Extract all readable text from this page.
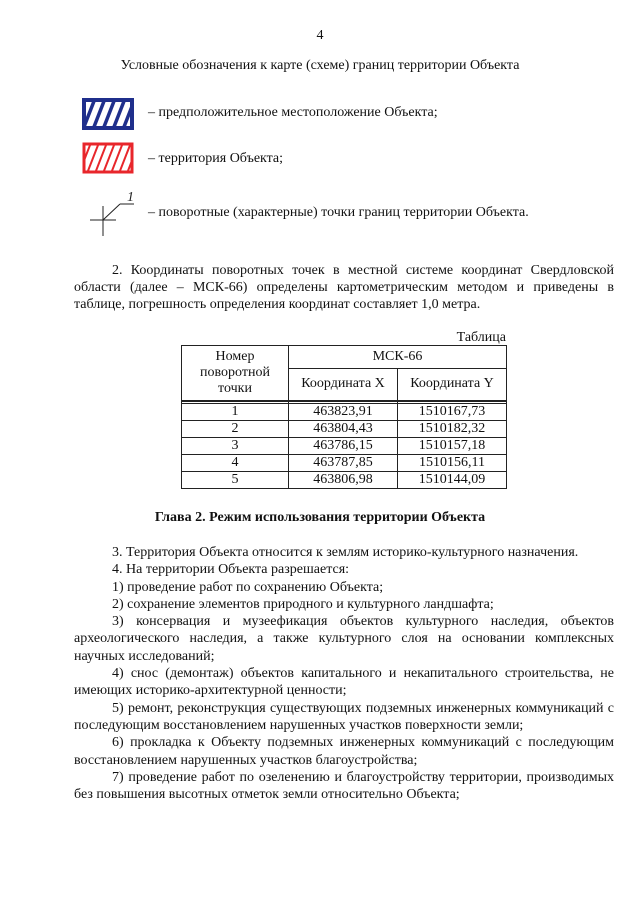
4
Условные обозначения к карте (схеме) границ территории Объекта
– предположительное местоположение Объекта;
– территория Объекта;
1
– поворотные (характерные) точки границ территории Объекта.
2. Координаты поворотных точек в местной системе координат Свердловской области (далее – МСК-66) определены картометрическим методом и приведены в таблице, погрешность определения координат составляет 1,0 метра.
Таблица
Номер поворотной точки	МСК-66	
	Координата X	Координата Y

1	463823,91	1510167,73
2	463804,43	1510182,32
3	463786,15	1510157,18
4	463787,85	1510156,11
5	463806,98	1510144,09
Глава 2. Режим использования территории Объекта

3. Территория Объекта относится к землям историко-культурного назначения.

4. На территории Объекта разрешается:

1) проведение работ по сохранению Объекта;

2) сохранение элементов природного и культурного ландшафта;

3) консервация и музеефикация объектов культурного наследия, объектов археологического наследия, а также культурного слоя на основании комплексных научных исследований;

4) снос (демонтаж) объектов капитального и некапитального строительства, не имеющих историко-архитектурной ценности;

5) ремонт, реконструкция существующих подземных инженерных коммуникаций с последующим восстановлением нарушенных участков поверхности земли;

6) прокладка к Объекту подземных инженерных коммуникаций с последующим восстановлением нарушенных участков благоустройства;

7) проведение работ по озеленению и благоустройству территории, производимых без повышения высотных отметок земли относительно Объекта;
